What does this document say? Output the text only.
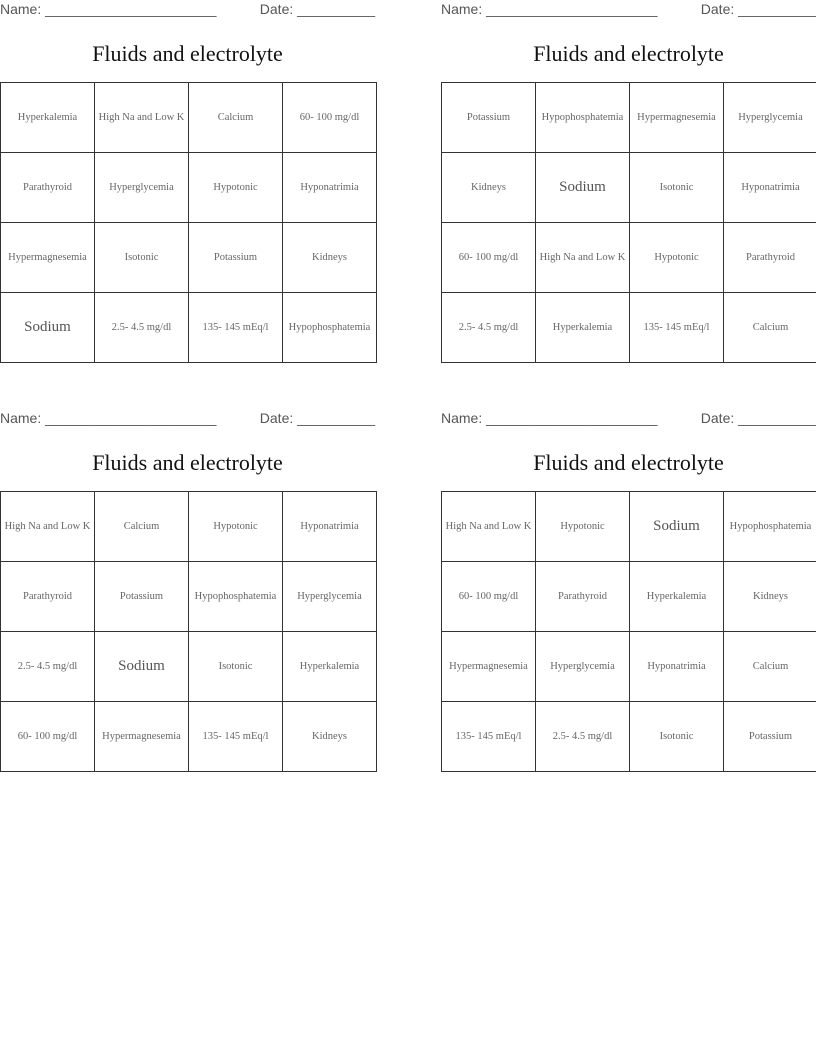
Name: ______________________	Date: __________
Fluids and electrolyte
Hyperkalemia	High Na and Low K	Calcium	60- 100 mg/dl
Parathyroid	Hyperglycemia	Hypotonic	Hyponatrimia
Hypermagnesemia	Isotonic	Potassium	Kidneys
Sodium	2.5- 4.5 mg/dl	135- 145 mEq/l	Hypophosphatemia
Name: ______________________	Date: __________
Fluids and electrolyte
Potassium	Hypophosphatemia	Hypermagnesemia	Hyperglycemia
Kidneys	Sodium	Isotonic	Hyponatrimia
60- 100 mg/dl	High Na and Low K	Hypotonic	Parathyroid
2.5- 4.5 mg/dl	Hyperkalemia	135- 145 mEq/l	Calcium
Name: ______________________	Date: __________
Fluids and electrolyte
High Na and Low K	Calcium	Hypotonic	Hyponatrimia
Parathyroid	Potassium	Hypophosphatemia	Hyperglycemia
2.5- 4.5 mg/dl	Sodium	Isotonic	Hyperkalemia
60- 100 mg/dl	Hypermagnesemia	135- 145 mEq/l	Kidneys
Name: ______________________	Date: __________
Fluids and electrolyte
High Na and Low K	Hypotonic	Sodium	Hypophosphatemia
60- 100 mg/dl	Parathyroid	Hyperkalemia	Kidneys
Hypermagnesemia	Hyperglycemia	Hyponatrimia	Calcium
135- 145 mEq/l	2.5- 4.5 mg/dl	Isotonic	Potassium
